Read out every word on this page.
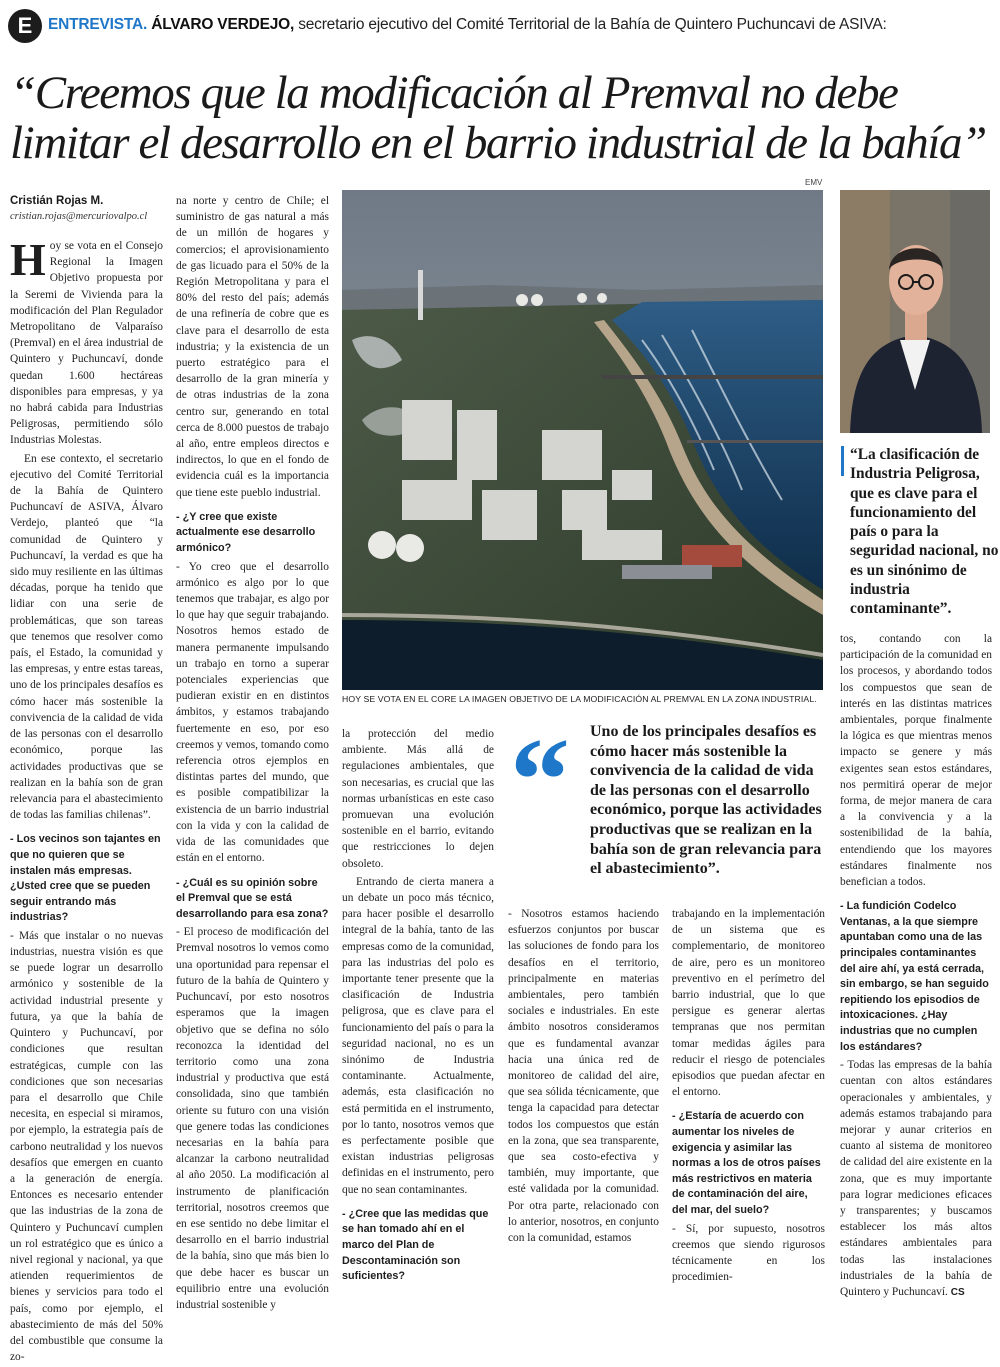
E	ENTREVISTA. ÁLVARO VERDEJO, secretario ejecutivo del Comité Territorial de la Bahía de Quintero Puchuncavi de ASIVA:
“Creemos que la modificación al Premval no debe limitar el desarrollo en el barrio industrial de la bahía”
Cristián Rojas M.
cristian.rojas@mercuriovalpo.cl

Hoy se vota en el Consejo Regional la Imagen Objetivo propuesta por la Seremi de Vivienda para la modificación del Plan Regulador Metropolitano de Valparaíso (Premval) en el área industrial de Quintero y Puchuncaví, donde quedan 1.600 hectáreas disponibles para empresas, y ya no habrá cabida para Industrias Peligrosas, permitiendo sólo Industrias Molestas.

En ese contexto, el secretario ejecutivo del Comité Territorial de la Bahía de Quintero Puchuncaví de ASIVA, Álvaro Verdejo, planteó que “la comunidad de Quintero y Puchuncaví, la verdad es que ha sido muy resiliente en las últimas décadas, porque ha tenido que lidiar con una serie de problemáticas, que son tareas que tenemos que resolver como país, el Estado, la comunidad y las empresas, y entre estas tareas, uno de los principales desafíos es cómo hacer más sostenible la convivencia de la calidad de vida de las personas con el desarrollo económico, porque las actividades productivas que se realizan en la bahía son de gran relevancia para el abastecimiento de todas las familias chilenas”.

- Los vecinos son tajantes en que no quieren que se instalen más empresas. ¿Usted cree que se pueden seguir entrando más industrias?

- Más que instalar o no nuevas industrias, nuestra visión es que se puede lograr un desarrollo armónico y sostenible de la actividad industrial presente y futura, ya que la bahía de Quintero y Puchuncaví, por condiciones que resultan estratégicas, cumple con las condiciones que son necesarias para el desarrollo que Chile necesita, en especial si miramos, por ejemplo, la estrategia país de carbono neutralidad y los nuevos desafíos que emergen en cuanto a la generación de energía. Entonces es necesario entender que las industrias de la zona de Quintero y Puchuncaví cumplen un rol estratégico que es único a nivel regional y nacional, ya que atienden requerimientos de bienes y servicios para todo el país, como por ejemplo, el abastecimiento de más del 50% del combustible que consume la zo-

na norte y centro de Chile; el suministro de gas natural a más de un millón de hogares y comercios; el aprovisionamiento de gas licuado para el 50% de la Región Metropolitana y para el 80% del resto del país; además de una refinería de cobre que es clave para el desarrollo de esta industria; y la existencia de un puerto estratégico para el desarrollo de la gran minería y de otras industrias de la zona centro sur, generando en total cerca de 8.000 puestos de trabajo al año, entre empleos directos e indirectos, lo que en el fondo de evidencia cuál es la importancia que tiene este pueblo industrial.

- ¿Y cree que existe actualmente ese desarrollo armónico?

- Yo creo que el desarrollo armónico es algo por lo que tenemos que trabajar, es algo por lo que hay que seguir trabajando. Nosotros hemos estado de manera permanente impulsando un trabajo en torno a superar potenciales experiencias que pudieran existir en en distintos ámbitos, y estamos trabajando fuertemente en eso, por eso creemos y vemos, tomando como referencia otros ejemplos en distintas partes del mundo, que es posible compatibilizar la existencia de un barrio industrial con la vida y con la calidad de vida de las comunidades que están en el entorno.

- ¿Cuál es su opinión sobre el Premval que se está desarrollando para esa zona?

- El proceso de modificación del Premval nosotros lo vemos como una oportunidad para repensar el futuro de la bahía de Quintero y Puchuncaví, por esto nosotros esperamos que la imagen objetivo que se defina no sólo reconozca la identidad del territorio como una zona industrial y productiva que está consolidada, sino que también oriente su futuro con una visión que genere todas las condiciones necesarias en la bahía para alcanzar la carbono neutralidad al año 2050. La modificación al instrumento de planificación territorial, nosotros creemos que en ese sentido no debe limitar el desarrollo en el barrio industrial de la bahía, sino que más bien lo que debe hacer es buscar un equilibrio entre una evolución industrial sostenible y

EMV
HOY SE VOTA EN EL CORE LA IMAGEN OBJETIVO DE LA MODIFICACIÓN AL PREMVAL EN LA ZONA INDUSTRIAL.
“La clasificación de Industria Peligrosa, que es clave para el funcionamiento del país o para la seguridad nacional, no es un sinónimo de industria contaminante”.

la protección del medio ambiente. Más allá de regulaciones ambientales, que son necesarias, es crucial que las normas urbanísticas en este caso promuevan una evolución sostenible en el barrio, evitando que restricciones lo dejen obsoleto.

Entrando de cierta manera a un debate un poco más técnico, para hacer posible el desarrollo integral de la bahía, tanto de las empresas como de la comunidad, para las industrias del polo es importante tener presente que la clasificación de Industria peligrosa, que es clave para el funcionamiento del país o para la seguridad nacional, no es un sinónimo de Industria contaminante. Actualmente, además, esta clasificación no está permitida en el instrumento, por lo tanto, nosotros vemos que es perfectamente posible que existan industrias peligrosas definidas en el instrumento, pero que no sean contaminantes.

- ¿Cree que las medidas que se han tomado ahí en el marco del Plan de Descontaminación son suficientes?

“ Uno de los principales desafíos es cómo hacer más sostenible la convivencia de la calidad de vida de las personas con el desarrollo económico, porque las actividades productivas que se realizan en la bahía son de gran relevancia para el abastecimiento”.

- Nosotros estamos haciendo esfuerzos conjuntos por buscar las soluciones de fondo para los desafíos en el territorio, principalmente en materias ambientales, pero también sociales e industriales. En este ámbito nosotros consideramos que es fundamental avanzar hacia una única red de monitoreo de calidad del aire, que sea sólida técnicamente, que tenga la capacidad para detectar todos los compuestos que están en la zona, que sea transparente, que sea costo-efectiva y también, muy importante, que esté validada por la comunidad. Por otra parte, relacionado con lo anterior, nosotros, en conjunto con la comunidad, estamos

trabajando en la implementación de un sistema que es complementario, de monitoreo de aire, pero es un monitoreo preventivo en el perímetro del barrio industrial, que lo que persigue es generar alertas tempranas que nos permitan tomar medidas ágiles para reducir el riesgo de potenciales episodios que puedan afectar en el entorno.

- ¿Estaría de acuerdo con aumentar los niveles de exigencia y asimilar las normas a los de otros países más restrictivos en materia de contaminación del aire, del mar, del suelo?

- Sí, por supuesto, nosotros creemos que siendo rigurosos técnicamente en los procedimien-

tos, contando con la participación de la comunidad en los procesos, y abordando todos los compuestos que sean de interés en las distintas matrices ambientales, porque finalmente la lógica es que mientras menos impacto se genere y más exigentes sean estos estándares, nos permitirá operar de mejor forma, de mejor manera de cara a la convivencia y a la sostenibilidad de la bahía, entendiendo que los mayores estándares finalmente nos benefician a todos.

- La fundición Codelco Ventanas, a la que siempre apuntaban como una de las principales contaminantes del aire ahí, ya está cerrada, sin embargo, se han seguido repitiendo los episodios de intoxicaciones. ¿Hay industrias que no cumplen los estándares?

- Todas las empresas de la bahía cuentan con altos estándares operacionales y ambientales, y además estamos trabajando para mejorar y aunar criterios en cuanto al sistema de monitoreo de calidad del aire existente en la zona, que es muy importante para lograr mediciones eficaces y transparentes; y buscamos establecer los más altos estándares ambientales para todas las instalaciones industriales de la bahía de Quintero y Puchuncaví. CS
